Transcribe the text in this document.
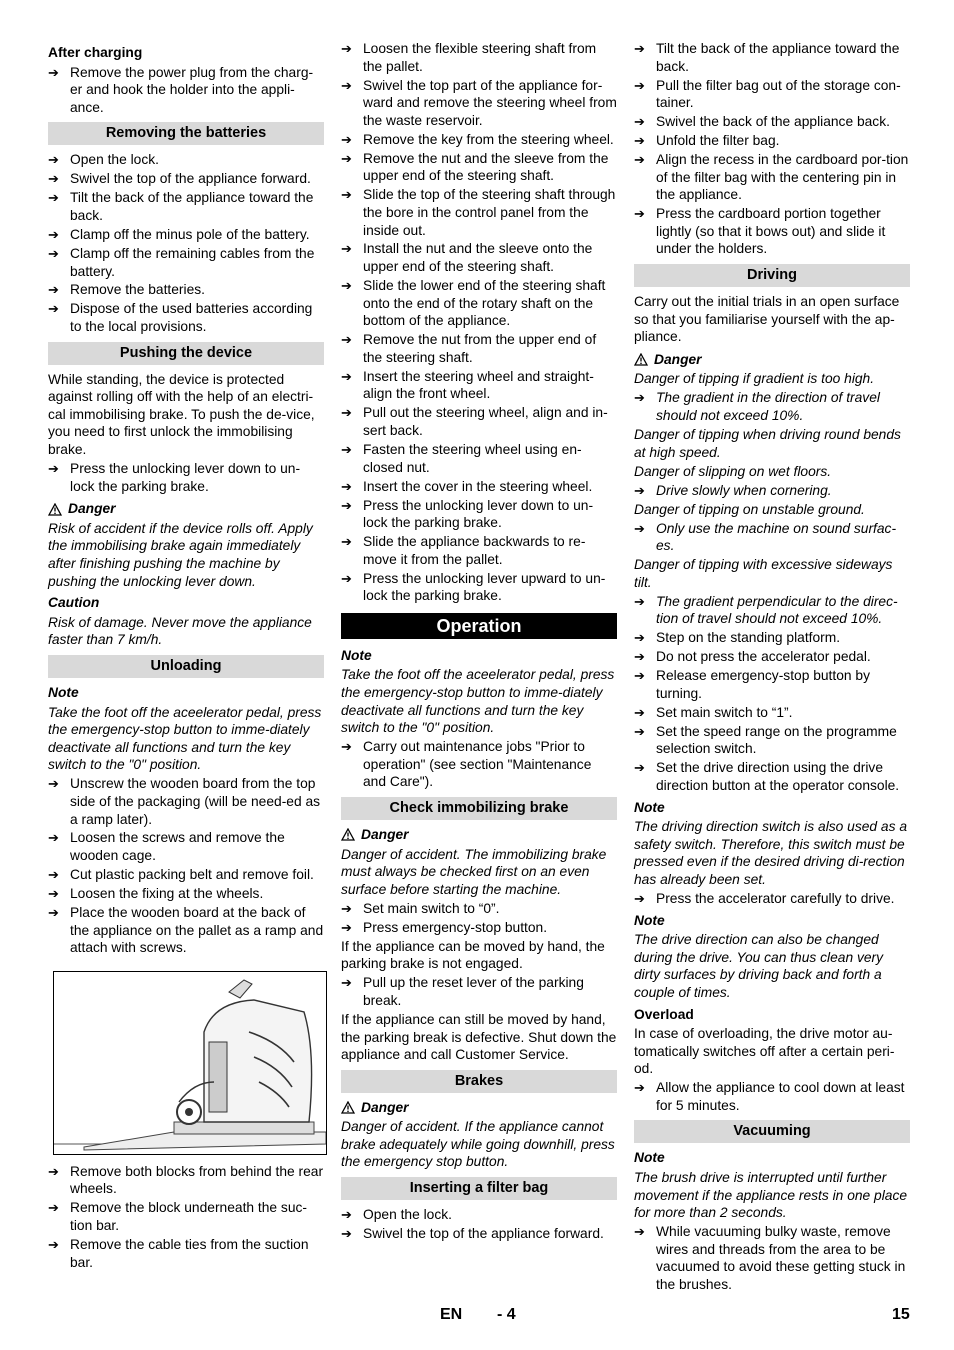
After charging
➔ Remove the power plug from the charg-er and hook the holder into the appli-ance.
Removing the batteries
➔ Open the lock.
➔ Swivel the top of the appliance forward.
➔ Tilt the back of the appliance toward the back.
➔ Clamp off the minus pole of the battery.
➔ Clamp off the remaining cables from the battery.
➔ Remove the batteries.
➔ Dispose of the used batteries according to the local provisions.
Pushing the device
While standing, the device is protected against rolling off with the help of an electri-cal immobilising brake. To push the de-vice, you need to first unlock the immobilising brake.
➔ Press the unlocking lever down to un-lock the parking brake.
Danger
Risk of accident if the device rolls off. Apply the immobilising brake again immediately after finishing pushing the machine by pushing the unlocking lever down.
Caution
Risk of damage. Never move the appliance faster than 7 km/h.
Unloading
Note
Take the foot off the aceelerator pedal, press the emergency-stop button to imme-diately deactivate all functions and turn the key switch to the "0" position.
➔ Unscrew the wooden board from the top side of the packaging (will be need-ed as a ramp later).
➔ Loosen the screws and remove the wooden cage.
➔ Cut plastic packing belt and remove foil.
➔ Loosen the fixing at the wheels.
➔ Place the wooden board at the back of the appliance on the pallet as a ramp and attach with screws.
➔ Remove both blocks from behind the rear wheels.
➔ Remove the block underneath the suc-tion bar.
➔ Remove the cable ties from the suction bar.
➔ Loosen the flexible steering shaft from the pallet.
➔ Swivel the top part of the appliance for-ward and remove the steering wheel from the waste reservoir.
➔ Remove the key from the steering wheel.
➔ Remove the nut and the sleeve from the upper end of the steering shaft.
➔ Slide the top of the steering shaft through the bore in the control panel from the inside out.
➔ Install the nut and the sleeve onto the upper end of the steering shaft.
➔ Slide the lower end of the steering shaft onto the end of the rotary shaft on the bottom of the appliance.
➔ Remove the nut from the upper end of the steering shaft.
➔ Insert the steering wheel and straight-align the front wheel.
➔ Pull out the steering wheel, align and in-sert back.
➔ Fasten the steering wheel using en-closed nut.
➔ Insert the cover in the steering wheel.
➔ Press the unlocking lever down to un-lock the parking brake.
➔ Slide the appliance backwards to re-move it from the pallet.
➔ Press the unlocking lever upward to un-lock the parking brake.
Operation
Note
Take the foot off the aceelerator pedal, press the emergency-stop button to imme-diately deactivate all functions and turn the key switch to the "0" position.
➔ Carry out maintenance jobs "Prior to operation" (see section "Maintenance and Care").
Check immobilizing brake
Danger
Danger of accident. The immobilizing brake must always be checked first on an even surface before starting the machine.
➔ Set main switch to “0”.
➔ Press emergency-stop button.
If the appliance can be moved by hand, the parking brake is not engaged.
➔ Pull up the reset lever of the parking break.
If the appliance can still be moved by hand, the parking break is defective. Shut down the appliance and call Customer Service.
Brakes
Danger
Danger of accident. If the appliance cannot brake adequately while going downhill, press the emergency stop button.
Inserting a filter bag
➔ Open the lock.
➔ Swivel the top of the appliance forward.
➔ Tilt the back of the appliance toward the back.
➔ Pull the filter bag out of the storage con-tainer.
➔ Swivel the back of the appliance back.
➔ Unfold the filter bag.
➔ Align the recess in the cardboard por-tion of the filter bag with the centering pin in the appliance.
➔ Press the cardboard portion together lightly (so that it bows out) and slide it under the holders.
Driving
Carry out the initial trials in an open surface so that you familiarise yourself with the ap-pliance.
Danger
Danger of tipping if gradient is too high.
➔ The gradient in the direction of travel should not exceed 10%.
Danger of tipping when driving round bends at high speed.
Danger of slipping on wet floors.
➔ Drive slowly when cornering.
Danger of tipping on unstable ground.
➔ Only use the machine on sound surfac-es.
Danger of tipping with excessive sideways tilt.
➔ The gradient perpendicular to the direc-tion of travel should not exceed 10%.
➔ Step on the standing platform.
➔ Do not press the accelerator pedal.
➔ Release emergency-stop button by turning.
➔ Set main switch to “1”.
➔ Set the speed range on the programme selection switch.
➔ Set the drive direction using the drive direction button at the operator console.
Note
The driving direction switch is also used as a safety switch. Therefore, this switch must be pressed even if the desired driving di-rection has already been set.
➔ Press the accelerator carefully to drive.
Note
The drive direction can also be changed during the drive. You can thus clean very dirty surfaces by driving back and forth a couple of times.
Overload
In case of overloading, the drive motor au-tomatically switches off after a certain peri-od.
➔ Allow the appliance to cool down at least for 5 minutes.
Vacuuming
Note
The brush drive is interrupted until further movement if the appliance rests in one place for more than 2 seconds.
➔ While vacuuming bulky waste, remove wires and threads from the area to be vacuumed to avoid these getting stuck in the brushes.
EN - 4	15
